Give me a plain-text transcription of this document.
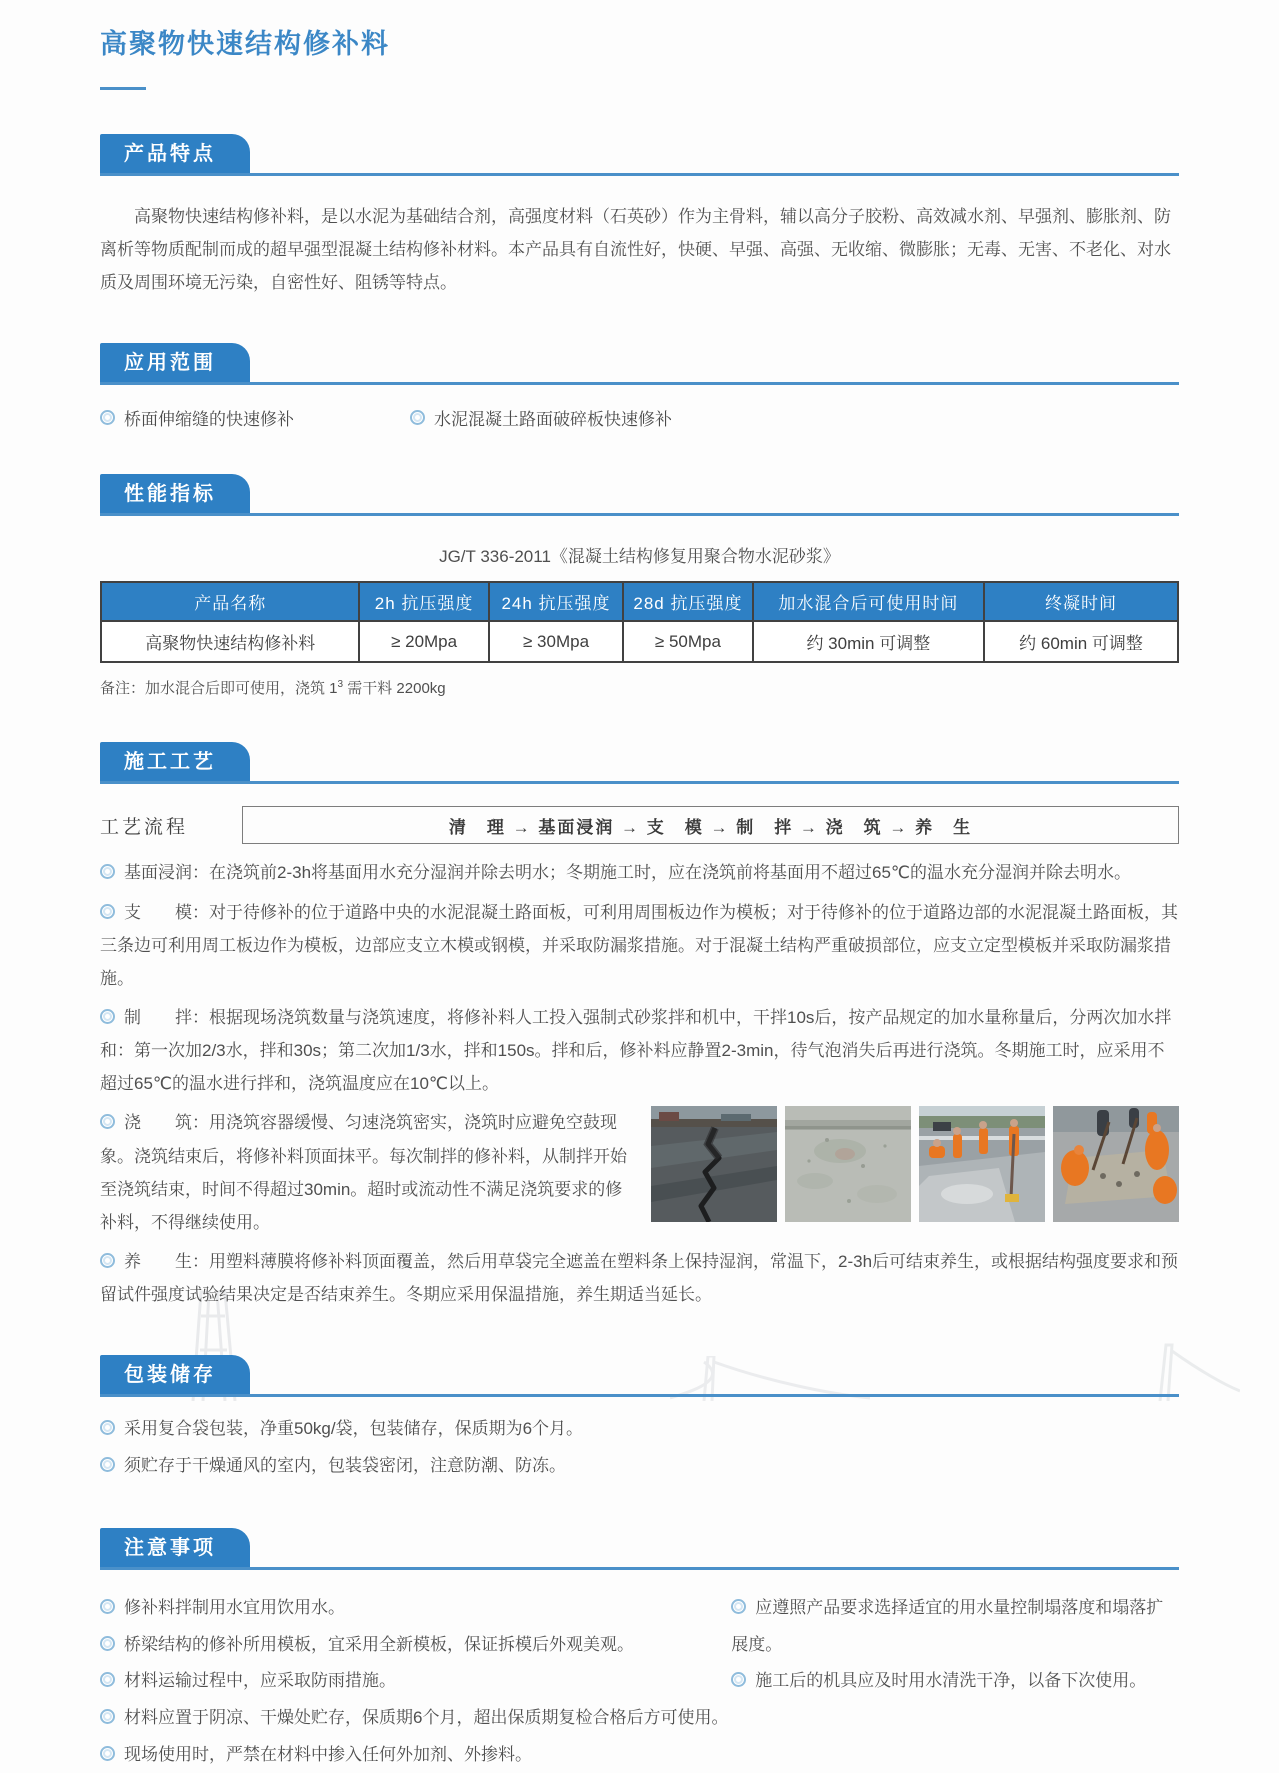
高聚物快速结构修补料
产品特点

高聚物快速结构修补料，是以水泥为基础结合剂，高强度材料（石英砂）作为主骨料，辅以高分子胶粉、高效减水剂、早强剂、膨胀剂、防离析等物质配制而成的超早强型混凝土结构修补材料。本产品具有自流性好，快硬、早强、高强、无收缩、微膨胀；无毒、无害、不老化、对水质及周围环境无污染，自密性好、阻锈等特点。

应用范围
桥面伸缩缝的快速修补	水泥混凝土路面破碎板快速修补
性能指标
JG/T 336-2011《混凝土结构修复用聚合物水泥砂浆》
产品名称	2h 抗压强度	24h 抗压强度	28d 抗压强度	加水混合后可使用时间	终凝时间
高聚物快速结构修补料	≥ 20Mpa	≥ 30Mpa	≥ 50Mpa	约 30min 可调整	约 60min 可调整
备注：加水混合后即可使用，浇筑 $1^3$ 需干料 2200kg
施工工艺
工艺流程	清　理 → 基面浸润 → 支　模 → 制　拌 → 浇　筑 → 养　生

基面浸润：在浇筑前2-3h将基面用水充分湿润并除去明水；冬期施工时，应在浇筑前将基面用不超过65℃的温水充分湿润并除去明水。

支　　模：对于待修补的位于道路中央的水泥混凝土路面板，可利用周围板边作为模板；对于待修补的位于道路边部的水泥混凝土路面板，其三条边可利用周工板边作为模板，边部应支立木模或钢模，并采取防漏浆措施。对于混凝土结构严重破损部位，应支立定型模板并采取防漏浆措施。

制　　拌：根据现场浇筑数量与浇筑速度，将修补料人工投入强制式砂浆拌和机中，干拌10s后，按产品规定的加水量称量后，分两次加水拌和：第一次加2/3水，拌和30s；第二次加1/3水，拌和150s。拌和后，修补料应静置2-3min，待气泡消失后再进行浇筑。冬期施工时，应采用不超过65℃的温水进行拌和，浇筑温度应在10℃以上。

浇　　筑：用浇筑容器缓慢、匀速浇筑密实，浇筑时应避免空鼓现象。浇筑结束后，将修补料顶面抹平。每次制拌的修补料，从制拌开始至浇筑结束，时间不得超过30min。超时或流动性不满足浇筑要求的修补料，不得继续使用。

养　　生：用塑料薄膜将修补料顶面覆盖，然后用草袋完全遮盖在塑料条上保持湿润，常温下，2-3h后可结束养生，或根据结构强度要求和预留试件强度试验结果决定是否结束养生。冬期应采用保温措施，养生期适当延长。

包装储存
采用复合袋包装，净重50kg/袋，包装储存，保质期为6个月。
须贮存于干燥通风的室内，包装袋密闭，注意防潮、防冻。
注意事项
修补料拌制用水宜用饮用水。
桥梁结构的修补所用模板，宜采用全新模板，保证拆模后外观美观。
材料运输过程中，应采取防雨措施。
材料应置于阴凉、干燥处贮存，保质期6个月，超出保质期复检合格后方可使用。
现场使用时，严禁在材料中掺入任何外加剂、外掺料。
应遵照产品要求选择适宜的用水量控制塌落度和塌落扩展度。
施工后的机具应及时用水清洗干净，以备下次使用。
